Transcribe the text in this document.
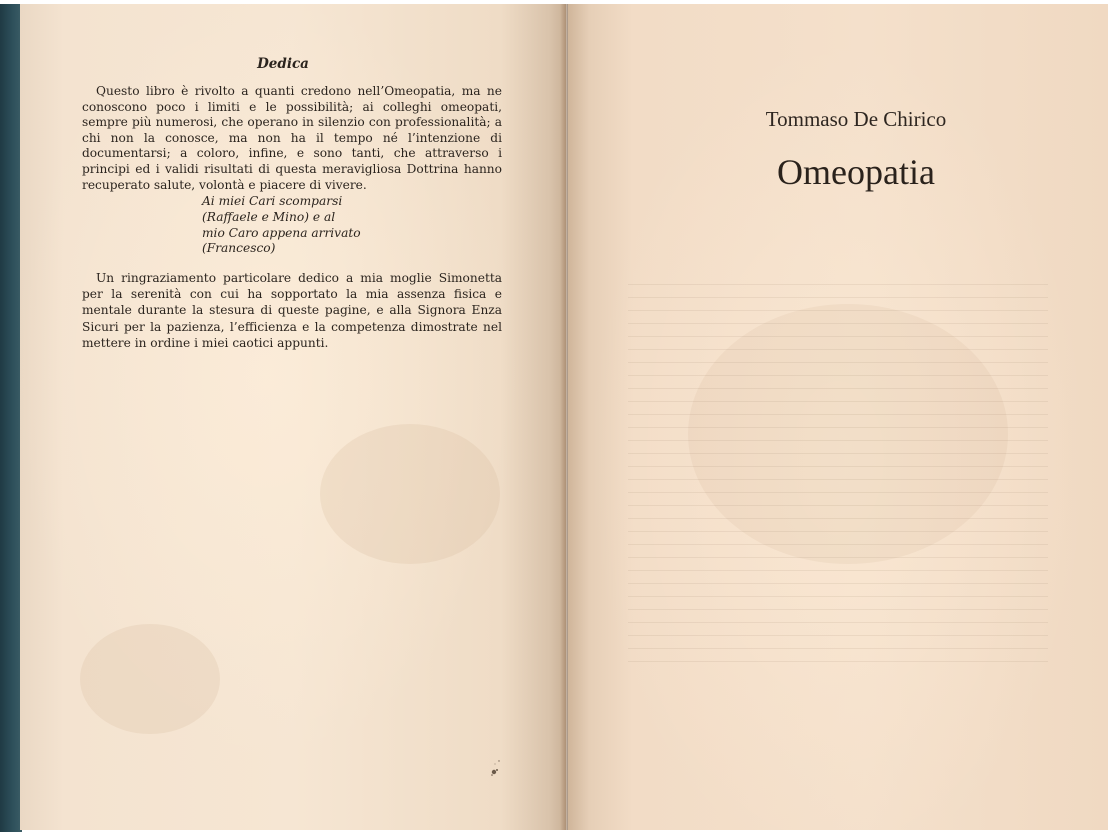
Dedica

Questo libro è rivolto a quanti credono nell’Omeopatia, ma ne conoscono poco i limiti e le possibilità; ai colleghi omeopati, sempre più numerosi, che operano in silenzio con professionalità; a chi non la conosce, ma non ha il tempo né l’intenzione di documentarsi; a coloro, infine, e sono tanti, che attraverso i principi ed i validi risultati di questa meravigliosa Dottrina hanno recuperato salute, volontà e piacere di vivere.

Ai miei Cari scomparsi
(Raffaele e Mino) e al
mio Caro appena arrivato
(Francesco)

Un ringraziamento particolare dedico a mia moglie Simonetta per la serenità con cui ha sopportato la mia assenza fisica e mentale durante la stesura di queste pagine, e alla Signora Enza Sicuri per la pazienza, l’efficienza e la competenza dimostrate nel mettere in ordine i miei caotici appunti.

Tommaso De Chirico

Omeopatia
